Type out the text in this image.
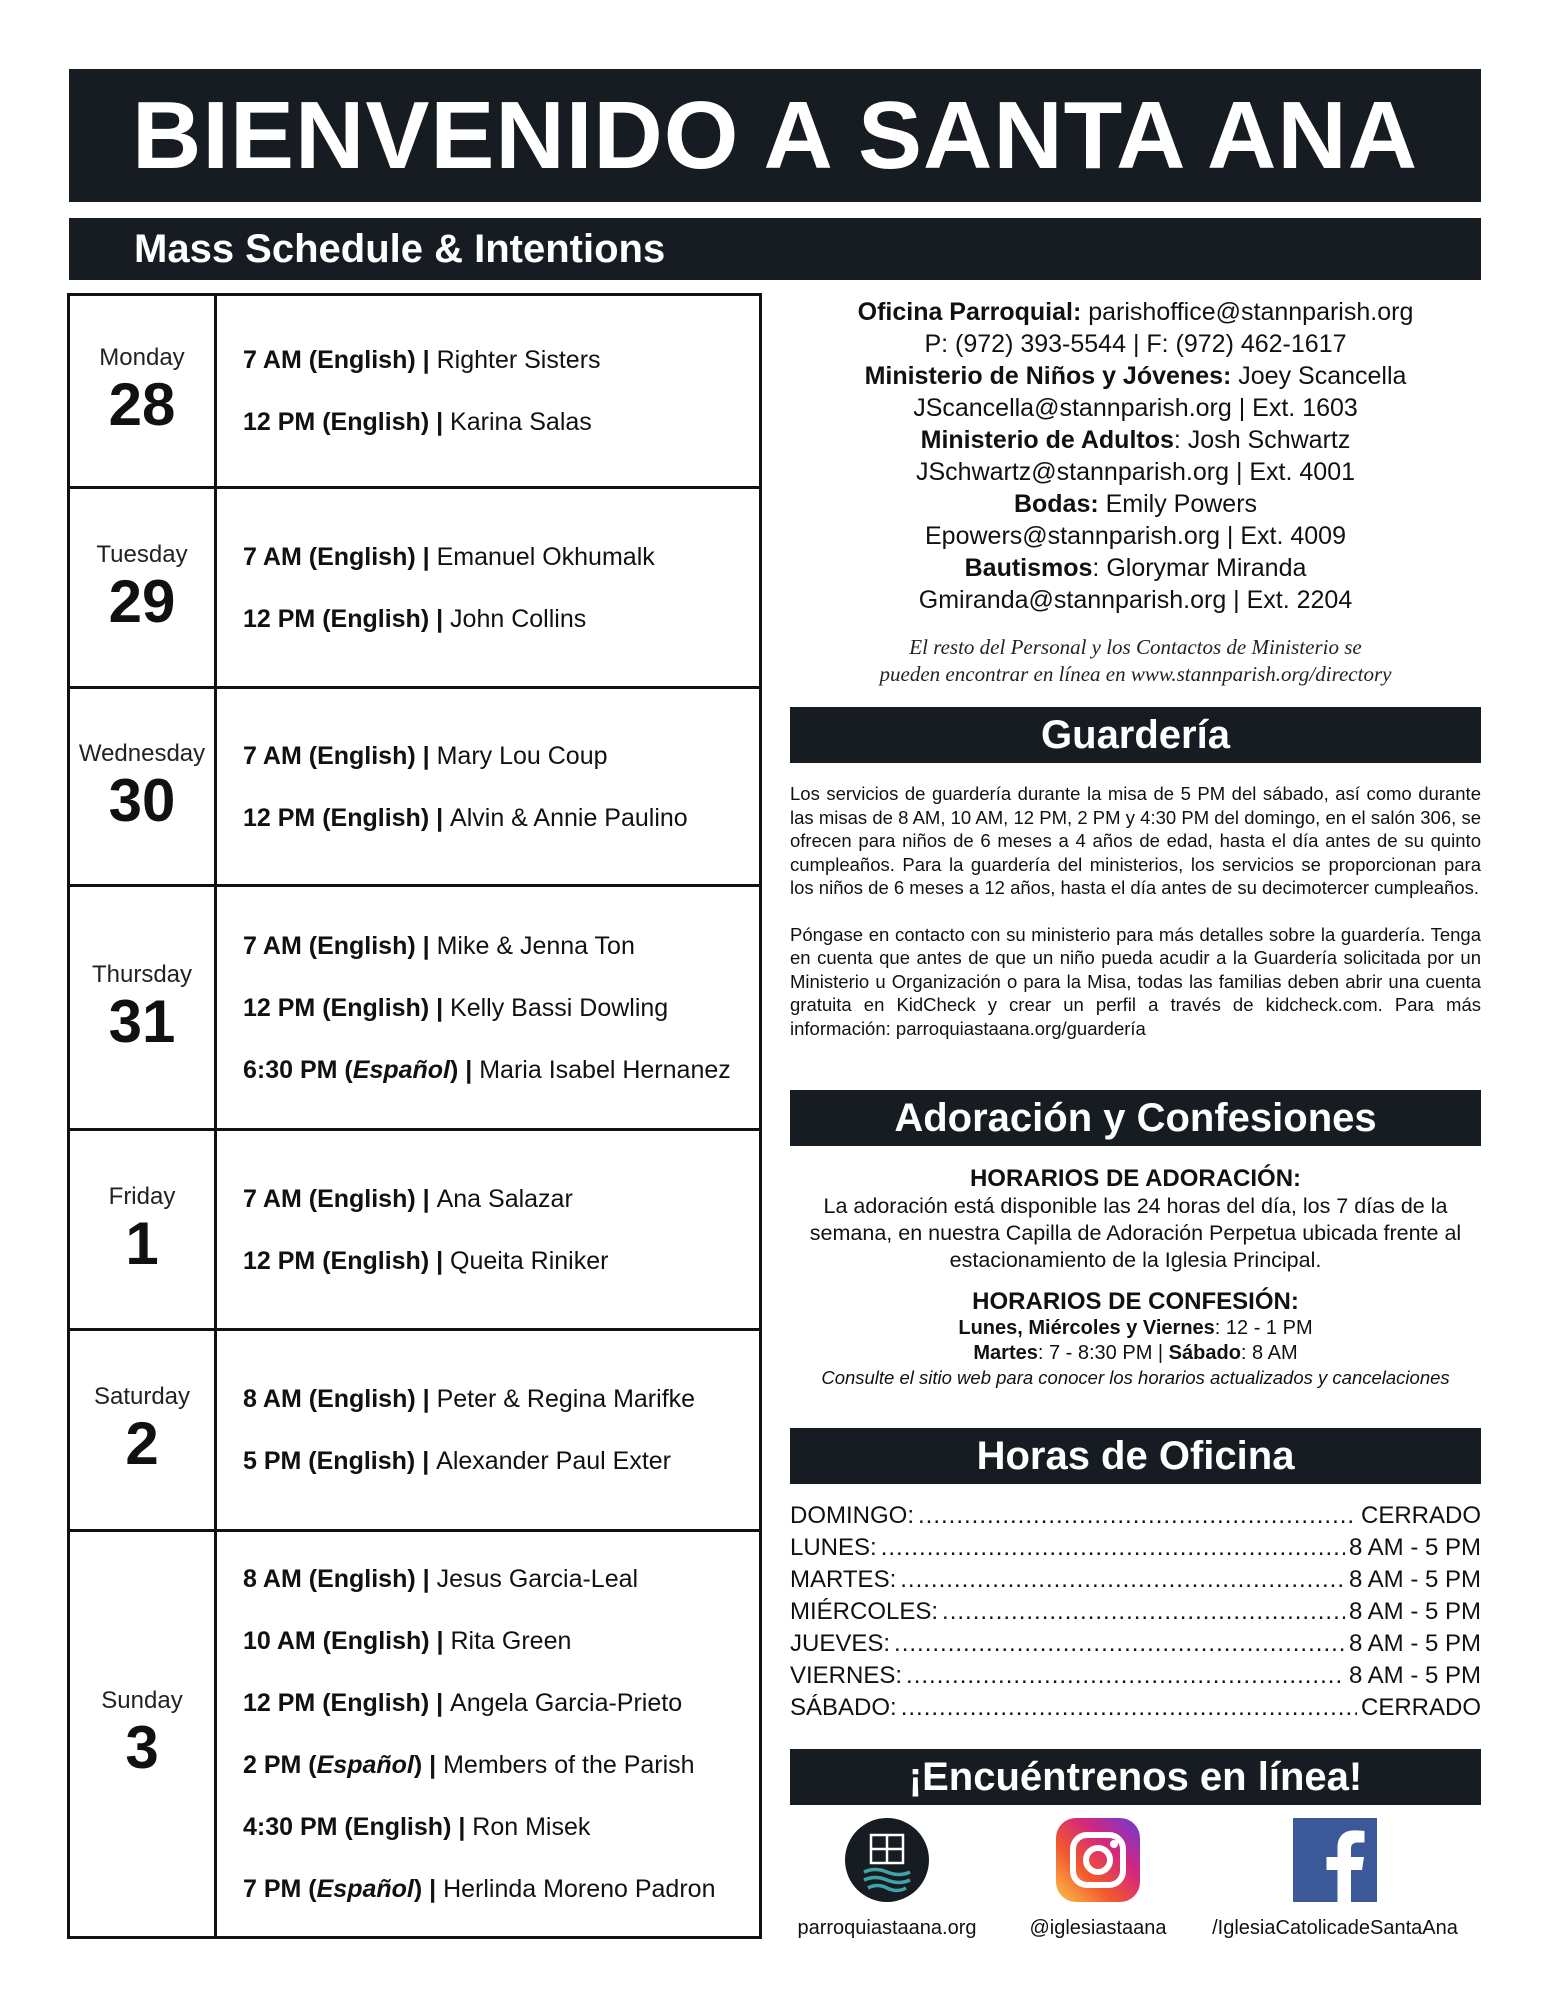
BIENVENIDO A SANTA ANA
Mass Schedule & Intentions
Monday
28
7 AM (English) | Righter Sisters
12 PM (English) | Karina Salas
Tuesday
29
7 AM (English) | Emanuel Okhumalk
12 PM (English) | John Collins
Wednesday
30
7 AM (English) | Mary Lou Coup
12 PM (English) | Alvin & Annie Paulino
Thursday
31
7 AM (English) | Mike & Jenna Ton
12 PM (English) | Kelly Bassi Dowling
6:30 PM (Español) | Maria Isabel Hernanez
Friday
1
7 AM (English) | Ana Salazar
12 PM (English) | Queita Riniker
Saturday
2
8 AM (English) | Peter & Regina Marifke
5 PM (English) | Alexander Paul Exter
Sunday
3
8 AM (English) | Jesus Garcia-Leal
10 AM (English) | Rita Green
12 PM (English) | Angela Garcia-Prieto
2 PM (Español) | Members of the Parish
4:30 PM (English) | Ron Misek
7 PM (Español) | Herlinda Moreno Padron
Oficina Parroquial: parishoffice@stannparish.org
P: (972) 393-5544 | F: (972) 462-1617
Ministerio de Niños y Jóvenes: Joey Scancella
JScancella@stannparish.org | Ext. 1603
Ministerio de Adultos: Josh Schwartz
JSchwartz@stannparish.org | Ext. 4001
Bodas: Emily Powers
Epowers@stannparish.org | Ext. 4009
Bautismos: Glorymar Miranda
Gmiranda@stannparish.org | Ext. 2204
El resto del Personal y los Contactos de Ministerio se
pueden encontrar en línea en www.stannparish.org/directory
Guardería

Los servicios de guardería durante la misa de 5 PM del sábado, así como durante las misas de 8 AM, 10 AM, 12 PM, 2 PM y 4:30 PM del domingo, en el salón 306, se ofrecen para niños de 6 meses a 4 años de edad, hasta el día antes de su quinto cumpleaños. Para la guardería del ministerios, los servicios se proporcionan para los niños de 6 meses a 12 años, hasta el día antes de su decimotercer cumpleaños.

Póngase en contacto con su ministerio para más detalles sobre la guardería. Tenga en cuenta que antes de que un niño pueda acudir a la Guardería solicitada por un Ministerio u Organización o para la Misa, todas las familias deben abrir una cuenta gratuita en KidCheck y crear un perfil a través de kidcheck.com. Para más información: parroquiastaana.org/guardería

Adoración y Confesiones
HORARIOS DE ADORACIÓN:

La adoración está disponible las 24 horas del día, los 7 días de la semana, en nuestra Capilla de Adoración Perpetua ubicada frente al estacionamiento de la Iglesia Principal.

HORARIOS DE CONFESIÓN:

Lunes, Miércoles y Viernes: 12 - 1 PM

Martes: 7 - 8:30 PM | Sábado: 8 AM

Consulte el sitio web para conocer los horarios actualizados y cancelaciones

Horas de Oficina
DOMINGO: .....	CERRADO
LUNES: .....	8 AM - 5 PM
MARTES: .....	8 AM - 5 PM
MIÉRCOLES: .....	8 AM - 5 PM
JUEVES: .....	8 AM - 5 PM
VIERNES: .....	8 AM - 5 PM
SÁBADO: .....	CERRADO
¡Encuéntrenos en línea!
parroquiastaana.org	@iglesiastaana	/IglesiaCatolicadeSantaAna
